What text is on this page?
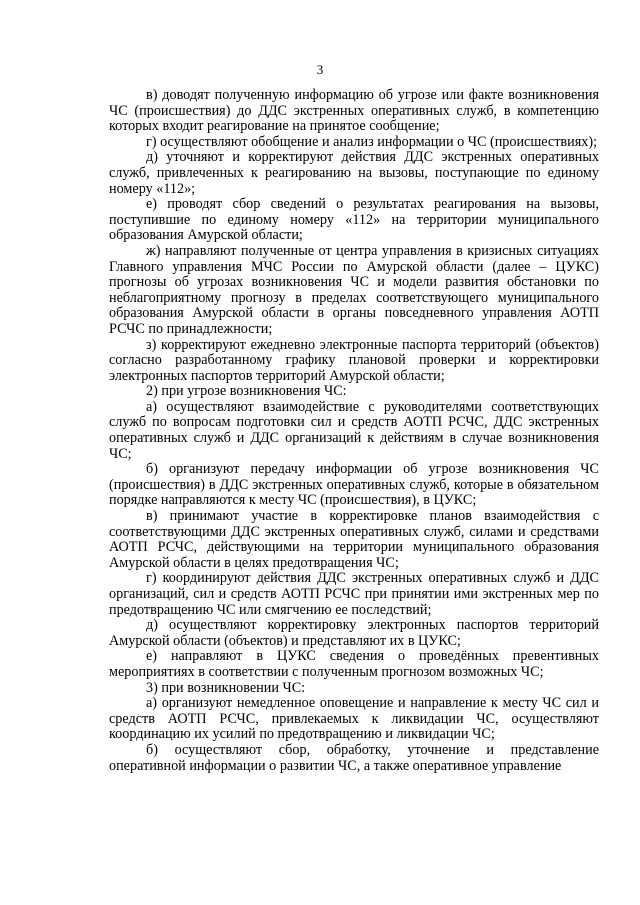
3

в) доводят полученную информацию об угрозе или факте возникновения ЧС (происшествия) до ДДС экстренных оперативных служб, в компетенцию которых входит реагирование на принятое сообщение;

г) осуществляют обобщение и анализ информации о ЧС (происшествиях);

д) уточняют и корректируют действия ДДС экстренных оперативных служб, привлеченных к реагированию на вызовы, поступающие по единому номеру «112»;

е) проводят сбор сведений о результатах реагирования на вызовы, поступившие по единому номеру «112» на территории муниципального образования Амурской области;

ж) направляют полученные от центра управления в кризисных ситуациях Главного управления МЧС России по Амурской области (далее – ЦУКС) прогнозы об угрозах возникновения ЧС и модели развития обстановки по неблагоприятному прогнозу в пределах соответствующего муниципального образования Амурской области в органы повседневного управления АОТП РСЧС по принадлежности;

з) корректируют ежедневно электронные паспорта территорий (объектов) согласно разработанному графику плановой проверки и корректировки электронных паспортов территорий Амурской области;

2) при угрозе возникновения ЧС:

а) осуществляют взаимодействие с руководителями соответствующих служб по вопросам подготовки сил и средств АОТП РСЧС, ДДС экстренных оперативных служб и ДДС организаций к действиям в случае возникновения ЧС;

б) организуют передачу информации об угрозе возникновения ЧС (происшествия) в ДДС экстренных оперативных служб, которые в обязательном порядке направляются к месту ЧС (происшествия), в ЦУКС;

в) принимают участие в корректировке планов взаимодействия с соответствующими ДДС экстренных оперативных служб, силами и средствами АОТП РСЧС, действующими на территории муниципального образования Амурской области в целях предотвращения ЧС;

г) координируют действия ДДС экстренных оперативных служб и ДДС организаций, сил и средств АОТП РСЧС при принятии ими экстренных мер по предотвращению ЧС или смягчению ее последствий;

д) осуществляют корректировку электронных паспортов территорий Амурской области (объектов) и представляют их в ЦУКС;

е) направляют в ЦУКС сведения о проведённых превентивных мероприятиях в соответствии с полученным прогнозом возможных ЧС;

3) при возникновении ЧС:

а) организуют немедленное оповещение и направление к месту ЧС сил и средств АОТП РСЧС, привлекаемых к ликвидации ЧС, осуществляют координацию их усилий по предотвращению и ликвидации ЧС;

б) осуществляют сбор, обработку, уточнение и представление оперативной информации о развитии ЧС, а также оперативное управление
